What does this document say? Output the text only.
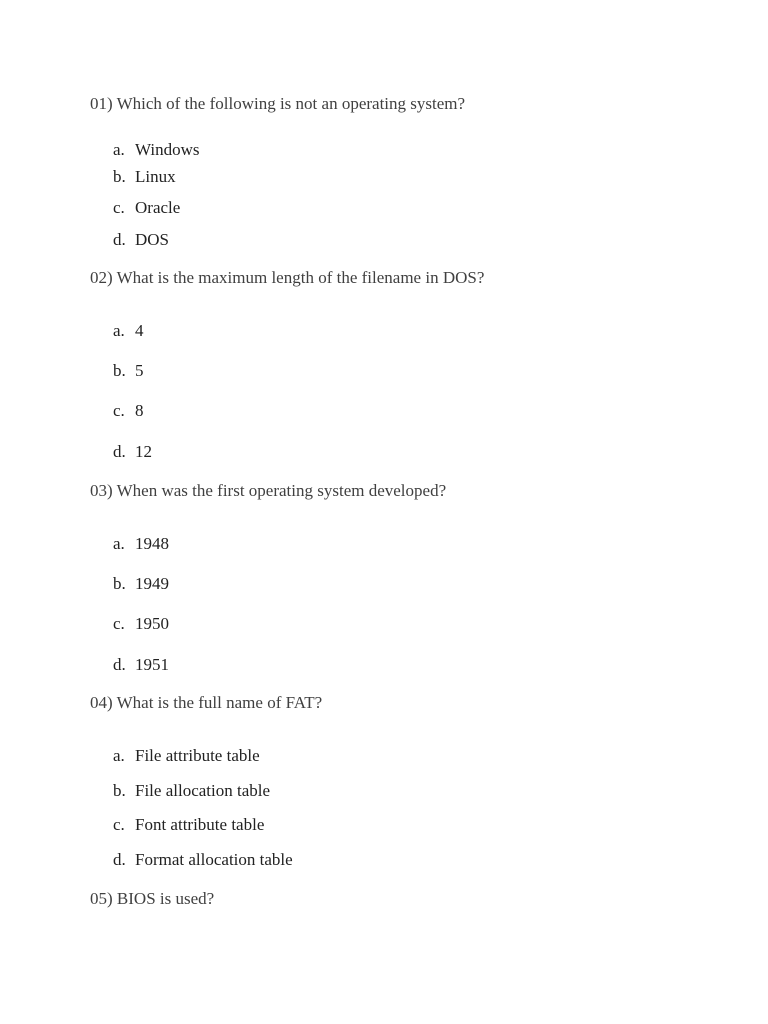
01) Which of the following is not an operating system?
a. Windows
b. Linux
c. Oracle
d. DOS
02) What is the maximum length of the filename in DOS?
a. 4
b. 5
c. 8
d. 12
03) When was the first operating system developed?
a. 1948
b. 1949
c. 1950
d. 1951
04) What is the full name of FAT?
a. File attribute table
b. File allocation table
c. Font attribute table
d. Format allocation table
05) BIOS is used?
